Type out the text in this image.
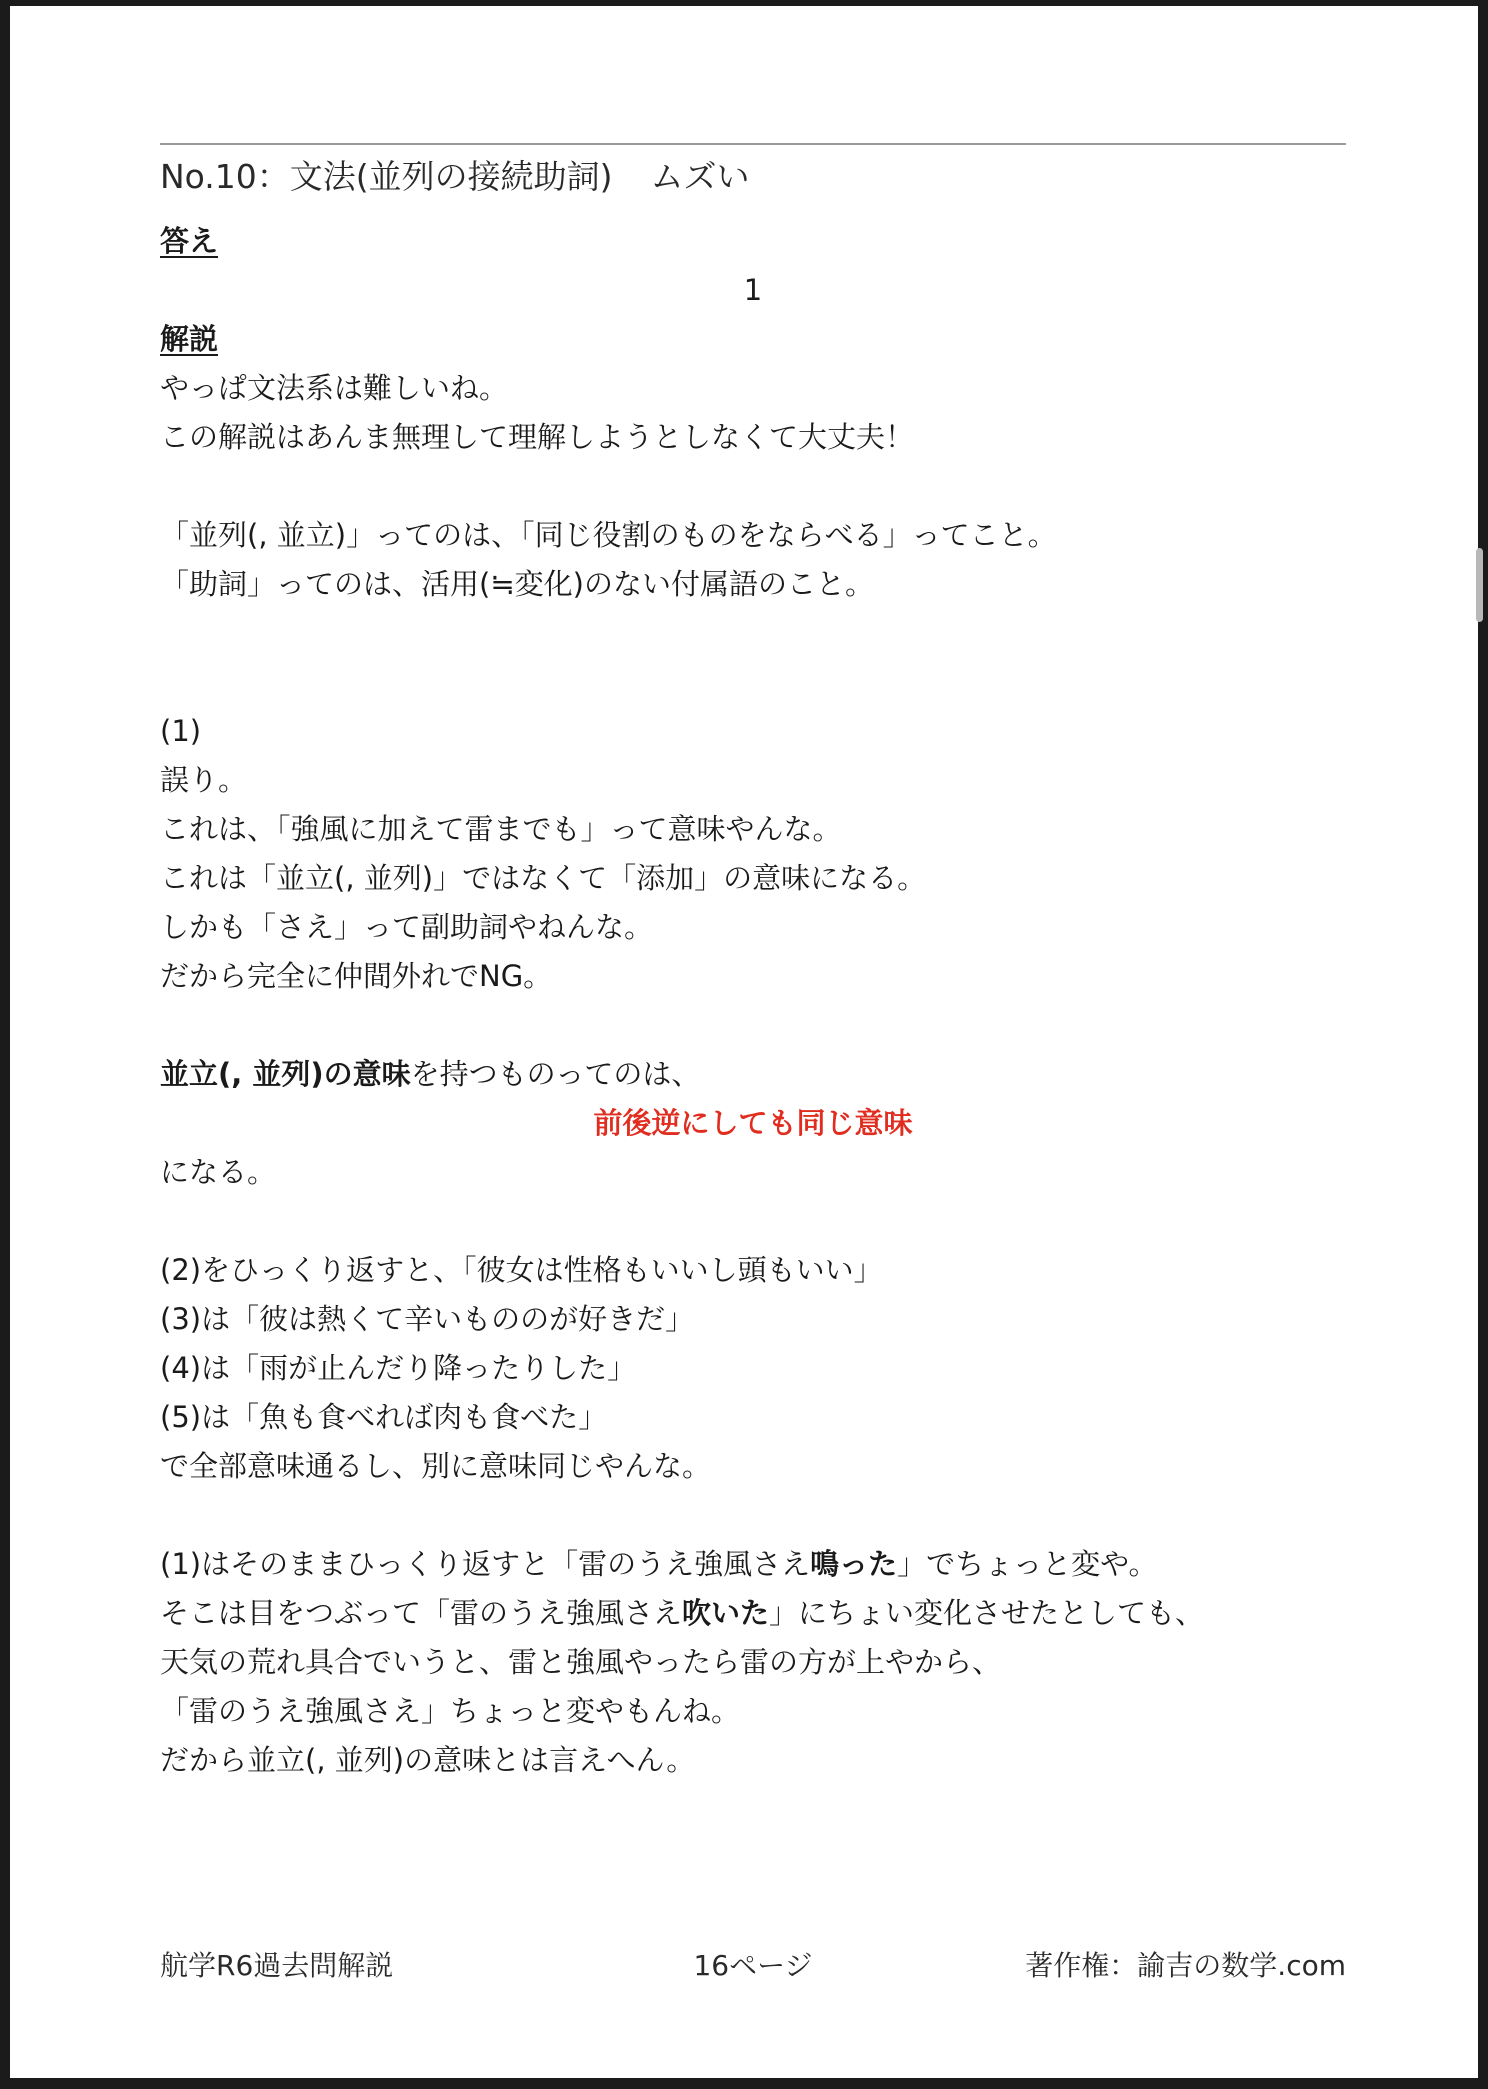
No.10：文法(並列の接続助詞) ムズい
答え
1
解説
やっぱ文法系は難しいね。
この解説はあんま無理して理解しようとしなくて大丈夫！
「並列(, 並立)」ってのは、「同じ役割のものをならべる」ってこと。
「助詞」ってのは、活用(≒変化)のない付属語のこと。
(1)
誤り。
これは、「強風に加えて雷までも」って意味やんな。
これは「並立(, 並列)」ではなくて「添加」の意味になる。
しかも「さえ」って副助詞やねんな。
だから完全に仲間外れでNG。
並立(, 並列)の意味を持つものってのは、
前後逆にしても同じ意味
になる。
(2)をひっくり返すと、「彼女は性格もいいし頭もいい」
(3)は「彼は熱くて辛いもののが好きだ」
(4)は「雨が止んだり降ったりした」
(5)は「魚も食べれば肉も食べた」
で全部意味通るし、別に意味同じやんな。
(1)はそのままひっくり返すと「雷のうえ強風さえ鳴った」でちょっと変や。
そこは目をつぶって「雷のうえ強風さえ吹いた」にちょい変化させたとしても、
天気の荒れ具合でいうと、雷と強風やったら雷の方が上やから、
「雷のうえ強風さえ」ちょっと変やもんね。
だから並立(, 並列)の意味とは言えへん。
航学R6過去問解説	16ページ	著作権：諭吉の数学.com
